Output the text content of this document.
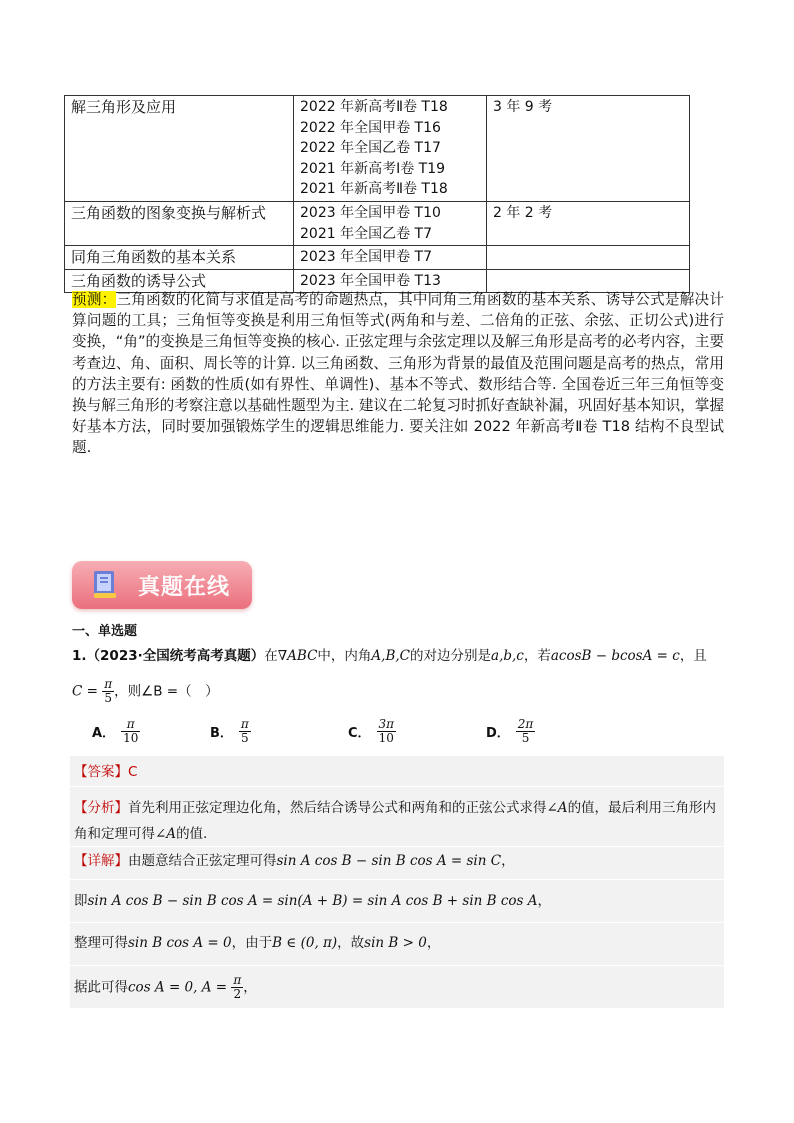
解三角形及应用	2022 年新高考Ⅱ卷 T18
2022 年全国甲卷 T16
2022 年全国乙卷 T17
2021 年新高考Ⅰ卷 T19
2021 年新高考Ⅱ卷 T18	3 年 9 考
三角函数的图象变换与解析式	2023 年全国甲卷 T10
2021 年全国乙卷 T7	2 年 2 考
同角三角函数的基本关系	2023 年全国甲卷 T7	

三角函数的诱导公式	2023 年全国甲卷 T13	

预测：三角函数的化简与求值是高考的命题热点，其中同角三角函数的基本关系、诱导公式是解决计算问题的工具；三角恒等变换是利用三角恒等式(两角和与差、二倍角的正弦、余弦、正切公式)进行变换，“角”的变换是三角恒等变换的核心. 正弦定理与余弦定理以及解三角形是高考的必考内容，主要考查边、角、面积、周长等的计算. 以三角函数、三角形为背景的最值及范围问题是高考的热点，常用的方法主要有: 函数的性质(如有界性、单调性)、基本不等式、数形结合等. 全国卷近三年三角恒等变换与解三角形的考察注意以基础性题型为主. 建议在二轮复习时抓好查缺补漏，巩固好基本知识，掌握好基本方法，同时要加强锻炼学生的逻辑思维能力. 要关注如 2022 年新高考Ⅱ卷 T18 结构不良型试题.
真题在线
一、单选题
1.（2023·全国统考高考真题）在∇ABC中，内角A,B,C的对边分别是a,b,c，若acosB − bcosA = c，且
$C = \frac{\pi}{5}$ ，则∠B =（　）
A． $\frac{\pi}{10}$	B． $\frac{\pi}{5}$	C． $\frac{3\pi}{10}$	D． $\frac{2\pi}{5}$
【答案】C
【分析】首先利用正弦定理边化角，然后结合诱导公式和两角和的正弦公式求得∠A的值，最后利用三角形内角和定理可得∠A的值.
【详解】由题意结合正弦定理可得sin A cos B − sin B cos A = sin C，
即sin A cos B − sin B cos A = sin(A + B) = sin A cos B + sin B cos A，
整理可得sin B cos A = 0，由于B ∈ (0, π)，故sin B > 0，
据此可得cos A = 0, $A = \frac{\pi}{2}$ ，
